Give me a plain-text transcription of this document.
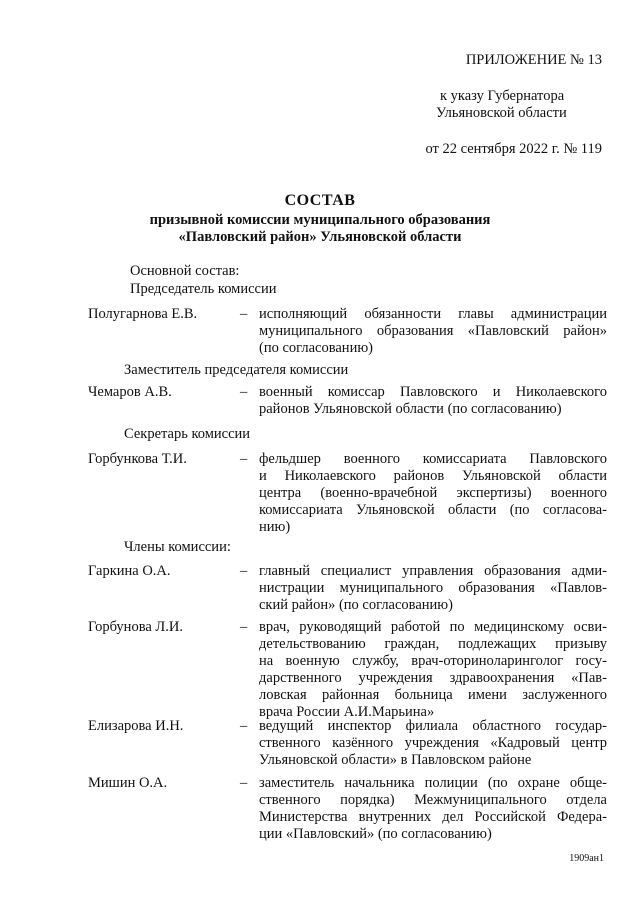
ПРИЛОЖЕНИЕ № 13
к указу Губернатора
Ульяновской области
от 22 сентября 2022 г. № 119
СОСТАВ
призывной комиссии муниципального образования
«Павловский район» Ульяновской области
Основной состав:
Председатель комиссии
Полугарнова Е.В.	– исполняющий обязанности главы администрации
муниципального образования «Павловский район»
(по согласованию)
Заместитель председателя комиссии
Чемаров А.В.	– военный комиссар Павловского и Николаевского
районов Ульяновской области (по согласованию)
Секретарь комиссии
Горбункова Т.И.	– фельдшер военного комиссариата Павловского
и Николаевского районов Ульяновской области
центра (военно-врачебной экспертизы) военного
комиссариата Ульяновской области (по согласова-
нию)
Члены комиссии:
Гаркина О.А.	– главный специалист управления образования адми-
нистрации муниципального образования «Павлов-
ский район» (по согласованию)
Горбунова Л.И.	– врач, руководящий работой по медицинскому осви-
детельствованию граждан, подлежащих призыву
на военную службу, врач-оториноларинголог госу-
дарственного учреждения здравоохранения «Пав-
ловская районная больница имени заслуженного
врача России А.И.Марьина»
Елизарова И.Н.	– ведущий инспектор филиала областного государ-
ственного казённого учреждения «Кадровый центр
Ульяновской области» в Павловском районе
Мишин О.А.	– заместитель начальника полиции (по охране обще-
ственного порядка) Межмуниципального отдела
Министерства внутренних дел Российской Федера-
ции «Павловский» (по согласованию)
1909ан1
